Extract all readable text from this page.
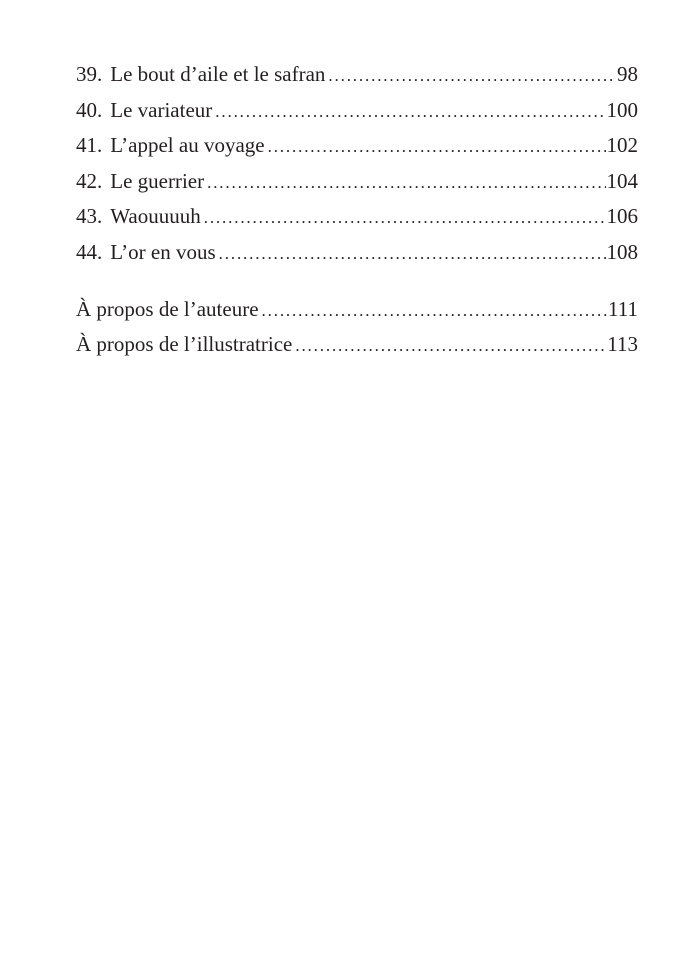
39. Le bout d’aile et le safran . . .	98
40. Le variateur . . .	100
41. L’appel au voyage . . .	102
42. Le guerrier . . .	104
43. Waouuuuh . . .	106
44. L’or en vous . . .	108
À propos de l’auteure . . .	111
À propos de l’illustratrice . . .	113
